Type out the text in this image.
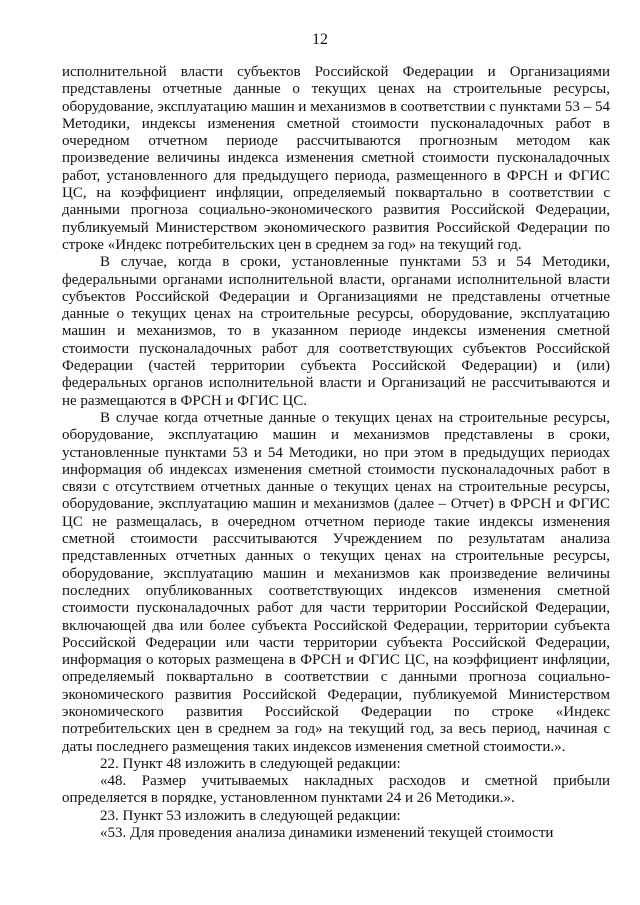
12

исполнительной власти субъектов Российской Федерации и Организациями представлены отчетные данные о текущих ценах на строительные ресурсы, оборудование, эксплуатацию машин и механизмов в соответствии с пунктами 53 – 54 Методики, индексы изменения сметной стоимости пусконаладочных работ в очередном отчетном периоде рассчитываются прогнозным методом как произведение величины индекса изменения сметной стоимости пусконаладочных работ, установленного для предыдущего периода, размещенного в ФРСН и ФГИС ЦС, на коэффициент инфляции, определяемый поквартально в соответствии с данными прогноза социально-экономического развития Российской Федерации, публикуемый Министерством экономического развития Российской Федерации по строке «Индекс потребительских цен в среднем за год» на текущий год.

В случае, когда в сроки, установленные пунктами 53 и 54 Методики, федеральными органами исполнительной власти, органами исполнительной власти субъектов Российской Федерации и Организациями не представлены отчетные данные о текущих ценах на строительные ресурсы, оборудование, эксплуатацию машин и механизмов, то в указанном периоде индексы изменения сметной стоимости пусконаладочных работ для соответствующих субъектов Российской Федерации (частей территории субъекта Российской Федерации) и (или) федеральных органов исполнительной власти и Организаций не рассчитываются и не размещаются в ФРСН и ФГИС ЦС.

В случае когда отчетные данные о текущих ценах на строительные ресурсы, оборудование, эксплуатацию машин и механизмов представлены в сроки, установленные пунктами 53 и 54 Методики, но при этом в предыдущих периодах информация об индексах изменения сметной стоимости пусконаладочных работ в связи с отсутствием отчетных данные о текущих ценах на строительные ресурсы, оборудование, эксплуатацию машин и механизмов (далее – Отчет) в ФРСН и ФГИС ЦС не размещалась, в очередном отчетном периоде такие индексы изменения сметной стоимости рассчитываются Учреждением по результатам анализа представленных отчетных данных о текущих ценах на строительные ресурсы, оборудование, эксплуатацию машин и механизмов как произведение величины последних опубликованных соответствующих индексов изменения сметной стоимости пусконаладочных работ для части территории Российской Федерации, включающей два или более субъекта Российской Федерации, территории субъекта Российской Федерации или части территории субъекта Российской Федерации, информация о которых размещена в ФРСН и ФГИС ЦС, на коэффициент инфляции, определяемый поквартально в соответствии с данными прогноза социально-экономического развития Российской Федерации, публикуемой Министерством экономического развития Российской Федерации по строке «Индекс потребительских цен в среднем за год» на текущий год, за весь период, начиная с даты последнего размещения таких индексов изменения сметной стоимости.».

22. Пункт 48 изложить в следующей редакции:

«48. Размер учитываемых накладных расходов и сметной прибыли определяется в порядке, установленном пунктами 24 и 26 Методики.».

23. Пункт 53 изложить в следующей редакции:

«53. Для проведения анализа динамики изменений текущей стоимости
